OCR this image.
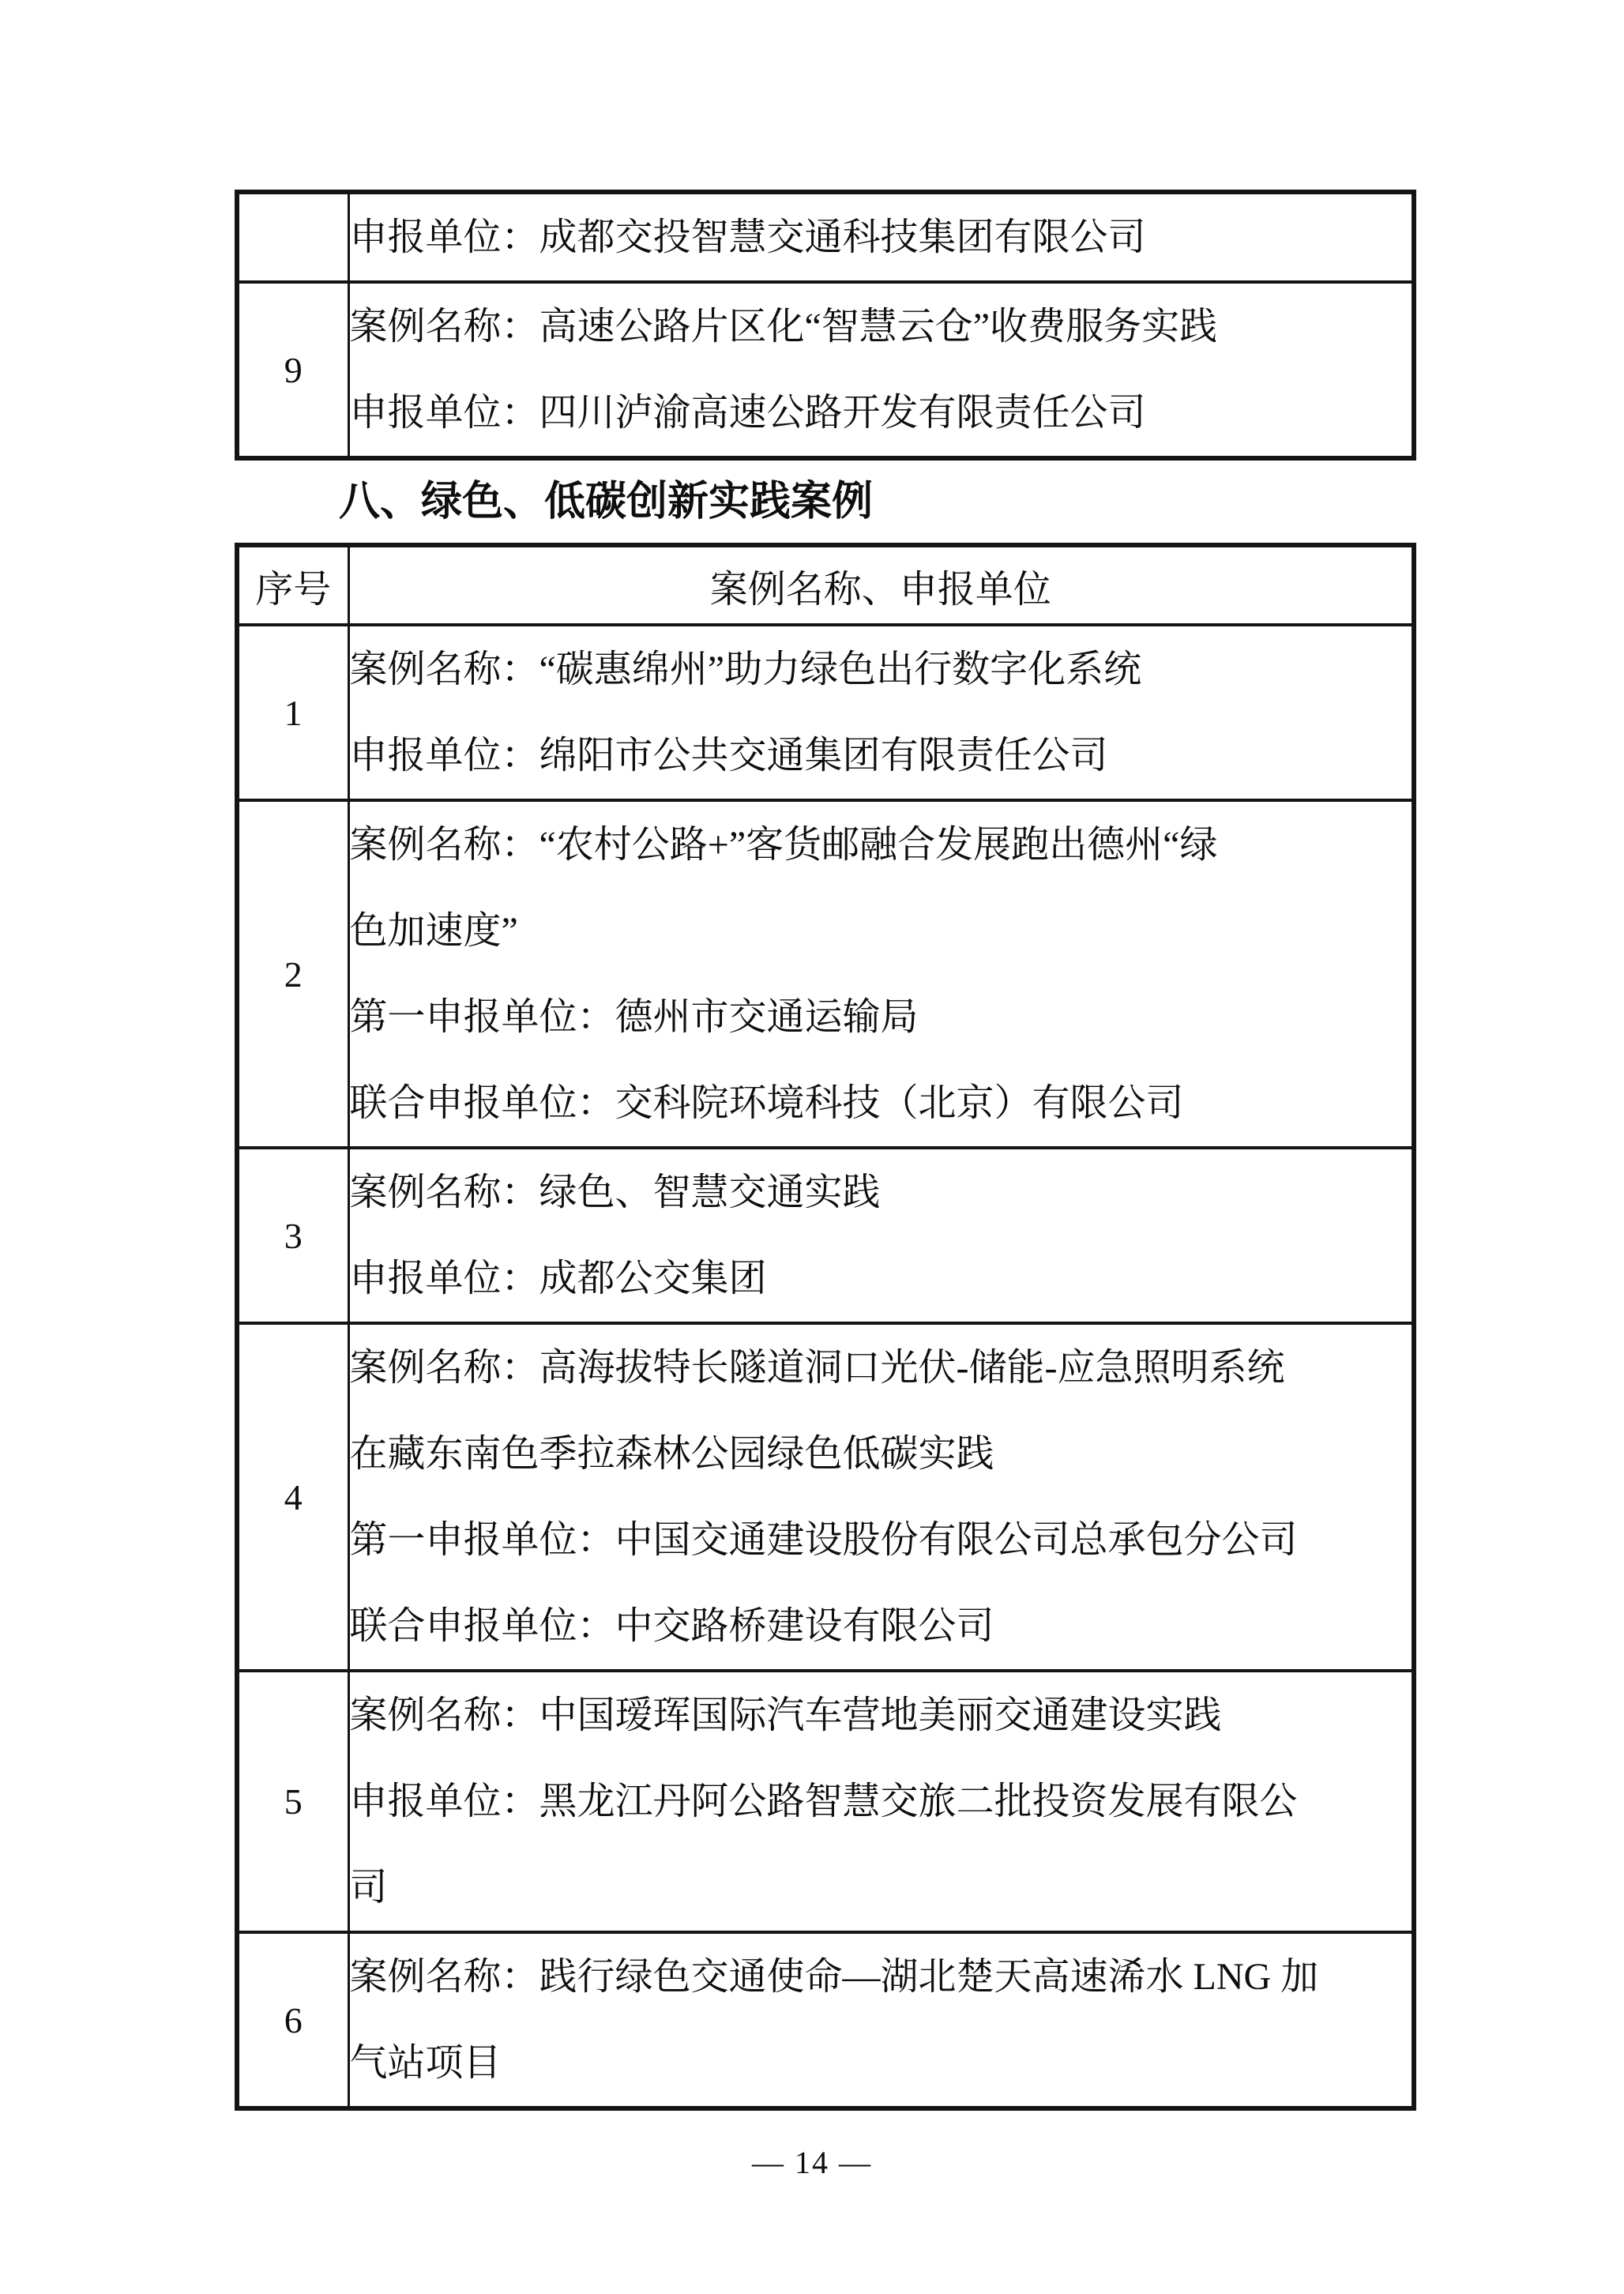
	申报单位：成都交投智慧交通科技集团有限公司

9	案例名称：高速公路片区化“智慧云仓”收费服务实践
申报单位：四川泸渝高速公路开发有限责任公司
八、绿色、低碳创新实践案例
序号	案例名称、申报单位
1	案例名称：“碳惠绵州”助力绿色出行数字化系统
申报单位：绵阳市公共交通集团有限责任公司

2	案例名称：“农村公路+”客货邮融合发展跑出德州“绿
色加速度”
第一申报单位：德州市交通运输局
联合申报单位：交科院环境科技（北京）有限公司

3	案例名称：绿色、智慧交通实践
申报单位：成都公交集团

4	案例名称：高海拔特长隧道洞口光伏-储能-应急照明系统
在藏东南色季拉森林公园绿色低碳实践
第一申报单位：中国交通建设股份有限公司总承包分公司
联合申报单位：中交路桥建设有限公司

5	案例名称：中国瑷珲国际汽车营地美丽交通建设实践
申报单位：黑龙江丹阿公路智慧交旅二批投资发展有限公
司

6	案例名称：践行绿色交通使命—湖北楚天高速浠水 LNG 加
气站项目
— 14 —
